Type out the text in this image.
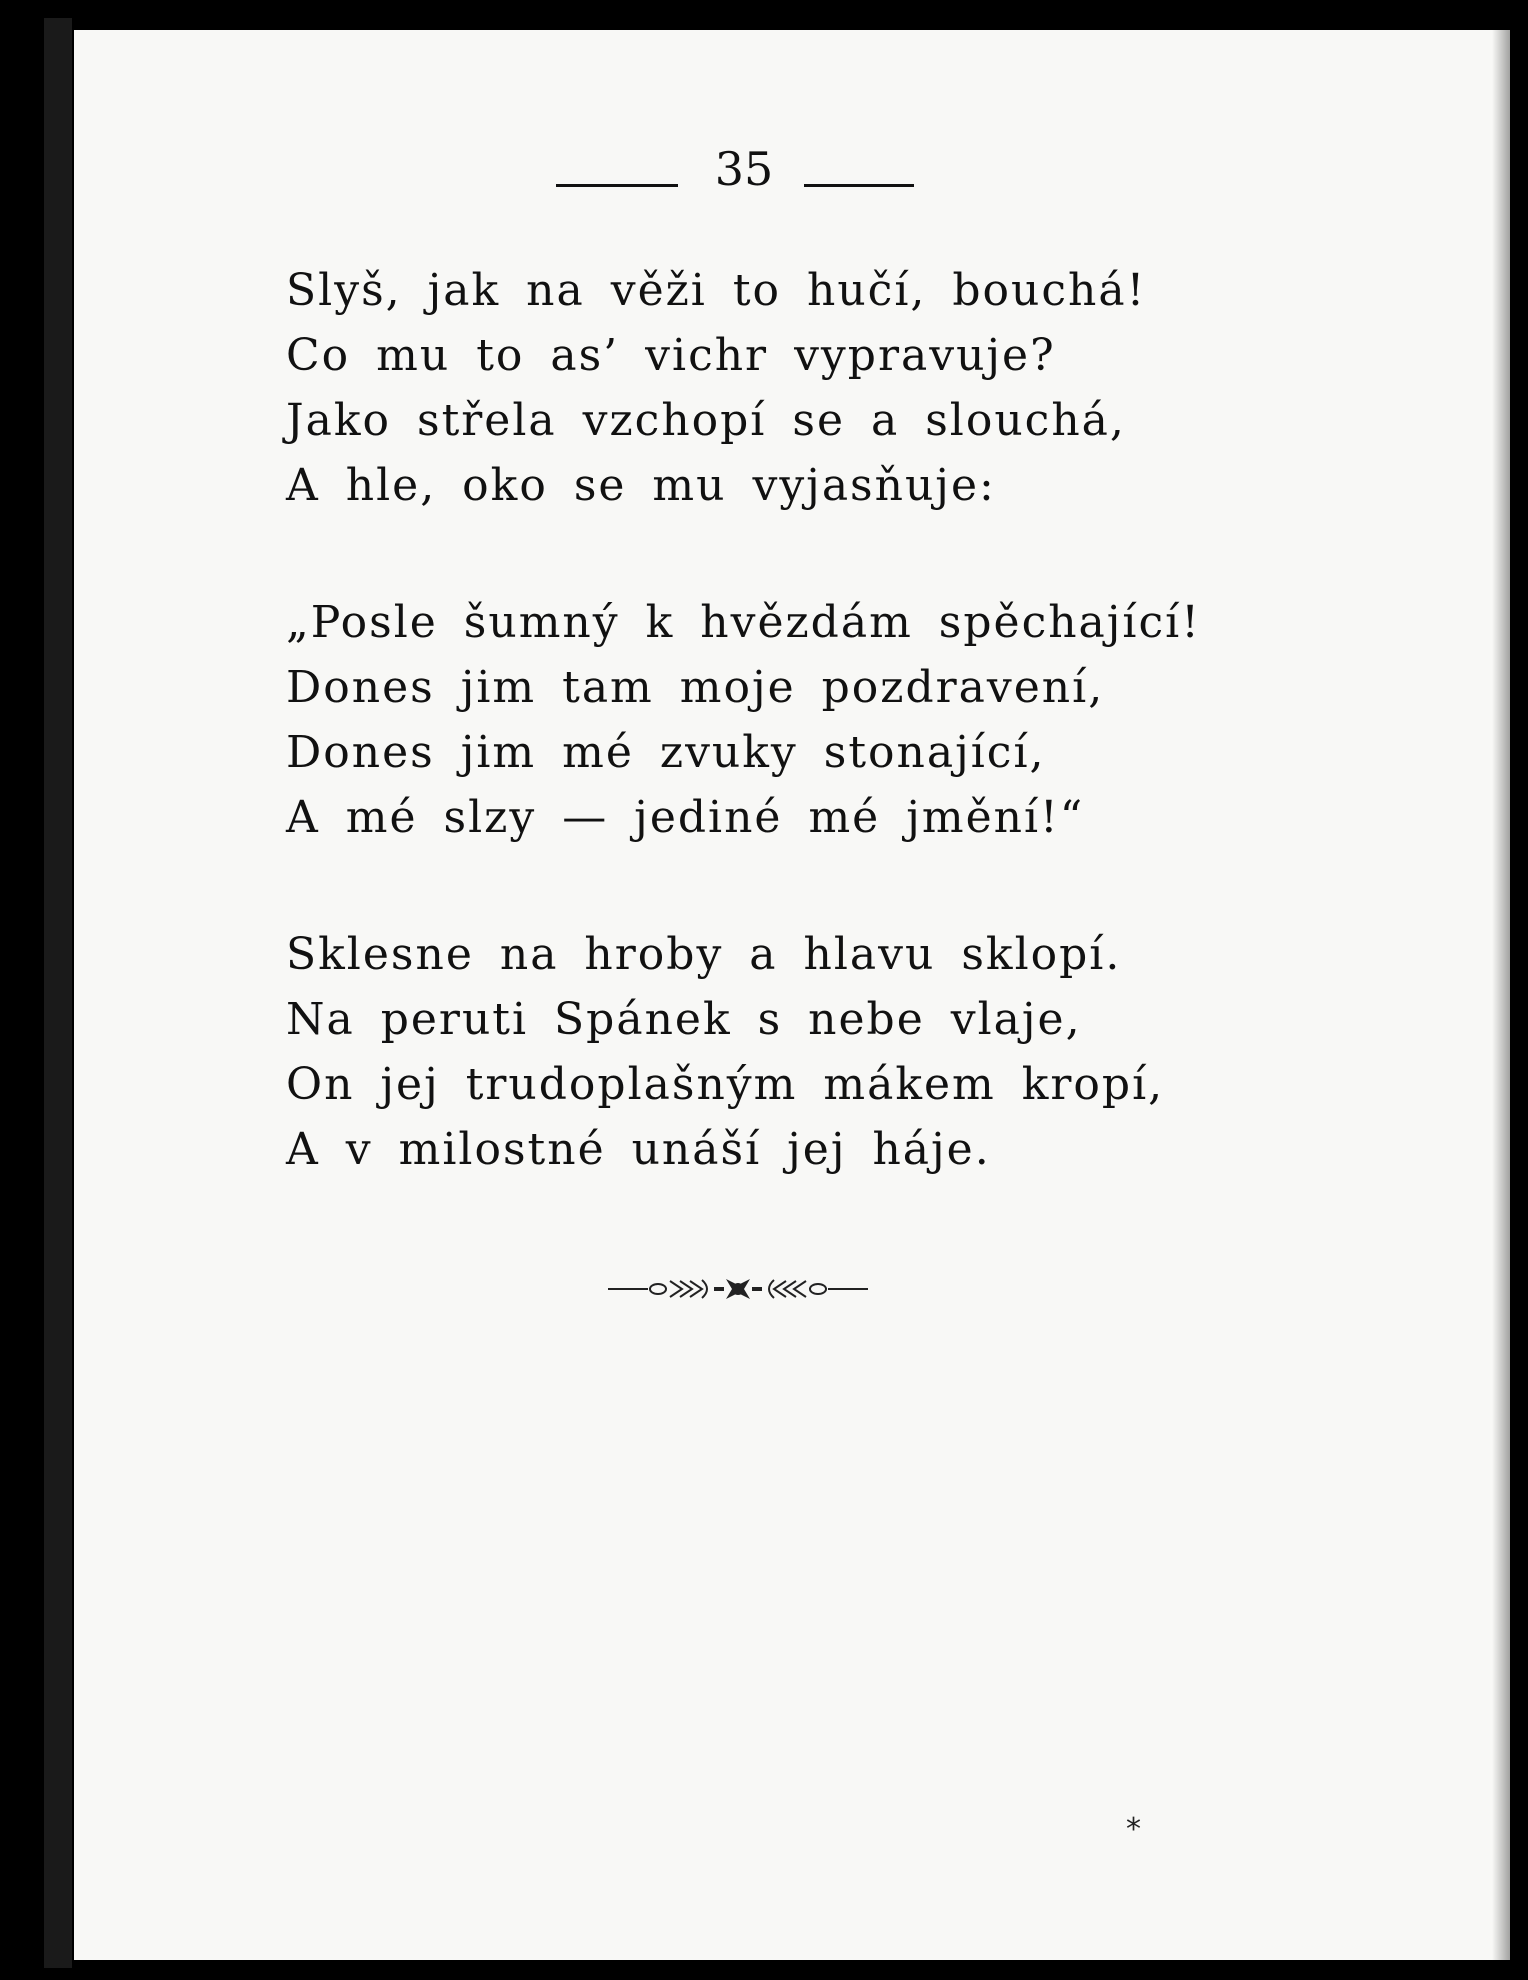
35
Slyš, jak na věži to hučí, bouchá!
Co mu to as’ vichr vypravuje?
Jako střela vzchopí se a slouchá,
A hle, oko se mu vyjasňuje:
„Posle šumný k hvězdám spěchající!
Dones jim tam moje pozdravení,
Dones jim mé zvuky stonající,
A mé slzy — jediné mé jmění!“
Sklesne na hroby a hlavu sklopí.
Na peruti Spánek s nebe vlaje,
On jej trudoplašným mákem kropí,
A v milostné unáší jej háje.
*
